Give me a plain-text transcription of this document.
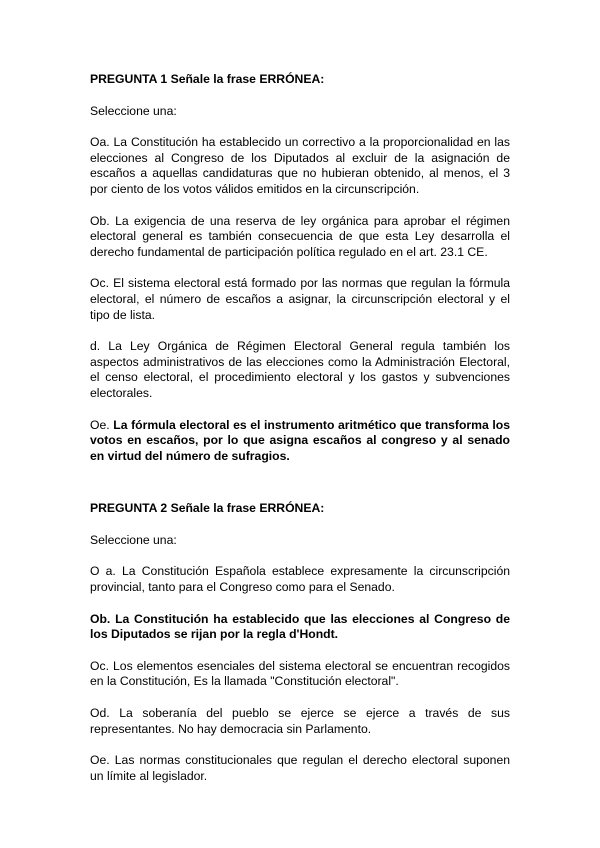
PREGUNTA 1 Señale la frase ERRÓNEA:

Seleccione una:

Oa. La Constitución ha establecido un correctivo a la proporcionalidad en las elecciones al Congreso de los Diputados al excluir de la asignación de escaños a aquellas candidaturas que no hubieran obtenido, al menos, el 3 por ciento de los votos válidos emitidos en la circunscripción.

Ob. La exigencia de una reserva de ley orgánica para aprobar el régimen electoral general es también consecuencia de que esta Ley desarrolla el derecho fundamental de participación política regulado en el art. 23.1 CE.

Oc. El sistema electoral está formado por las normas que regulan la fórmula electoral, el número de escaños a asignar, la circunscripción electoral y el tipo de lista.

d. La Ley Orgánica de Régimen Electoral General regula también los aspectos administrativos de las elecciones como la Administración Electoral, el censo electoral, el procedimiento electoral y los gastos y subvenciones electorales.

Oe. La fórmula electoral es el instrumento aritmético que transforma los votos en escaños, por lo que asigna escaños al congreso y al senado en virtud del número de sufragios.

PREGUNTA 2 Señale la frase ERRÓNEA:

Seleccione una:

O a. La Constitución Española establece expresamente la circunscripción provincial, tanto para el Congreso como para el Senado.

Ob. La Constitución ha establecido que las elecciones al Congreso de los Diputados se rijan por la regla d'Hondt.

Oc. Los elementos esenciales del sistema electoral se encuentran recogidos en la Constitución, Es la llamada "Constitución electoral".

Od. La soberanía del pueblo se ejerce se ejerce a través de sus representantes. No hay democracia sin Parlamento.

Oe. Las normas constitucionales que regulan el derecho electoral suponen un límite al legislador.
